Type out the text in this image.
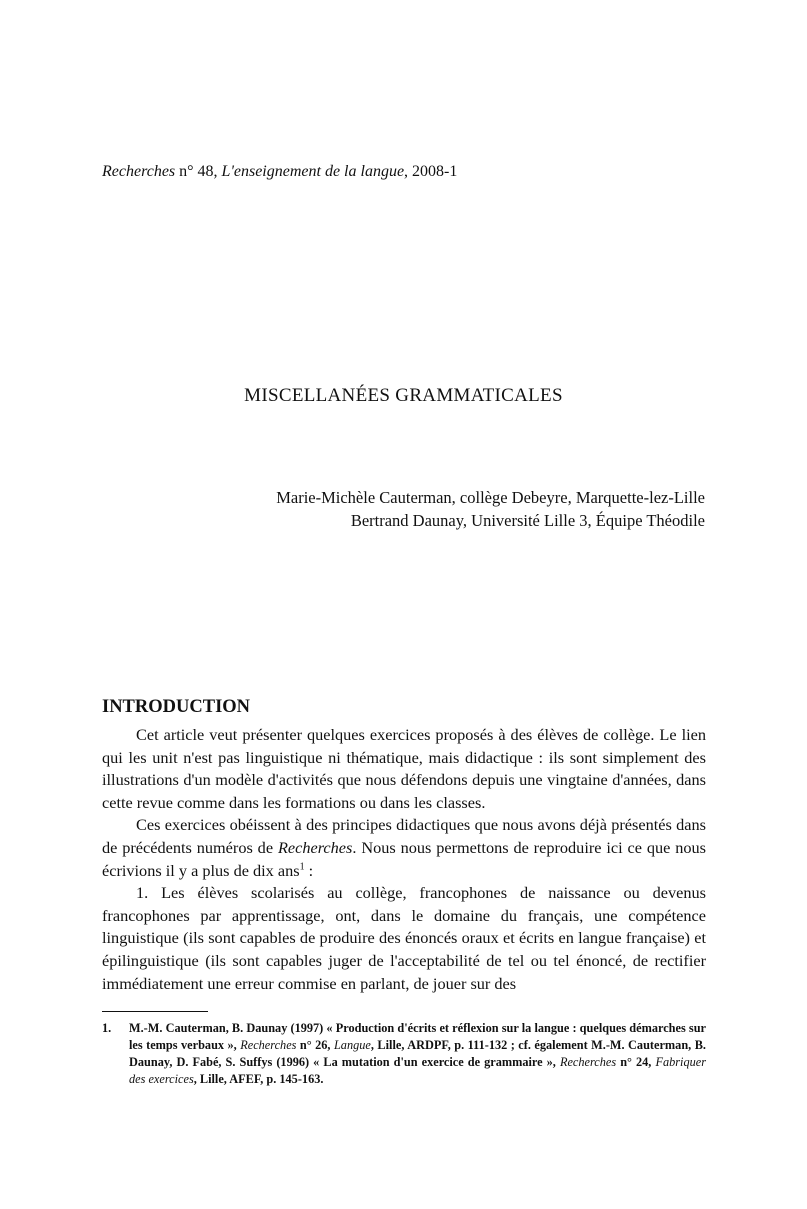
Recherches n° 48, L'enseignement de la langue, 2008-1
MISCELLANÉES GRAMMATICALES
Marie-Michèle Cauterman, collège Debeyre, Marquette-lez-Lille
Bertrand Daunay, Université Lille 3, Équipe Théodile
INTRODUCTION

Cet article veut présenter quelques exercices proposés à des élèves de collège. Le lien qui les unit n'est pas linguistique ni thématique, mais didactique : ils sont simplement des illustrations d'un modèle d'activités que nous défendons depuis une vingtaine d'années, dans cette revue comme dans les formations ou dans les classes.

Ces exercices obéissent à des principes didactiques que nous avons déjà présentés dans de précédents numéros de Recherches. Nous nous permettons de reproduire ici ce que nous écrivions il y a plus de dix ans$^1$ :

1. Les élèves scolarisés au collège, francophones de naissance ou devenus francophones par apprentissage, ont, dans le domaine du français, une compétence linguistique (ils sont capables de produire des énoncés oraux et écrits en langue française) et épilinguistique (ils sont capables juger de l'acceptabilité de tel ou tel énoncé, de rectifier immédiatement une erreur commise en parlant, de jouer sur des

1. M.-M. Cauterman, B. Daunay (1997) « Production d'écrits et réflexion sur la langue : quelques démarches sur les temps verbaux », Recherches n° 26, Langue, Lille, ARDPF, p. 111-132 ; cf. également M.-M. Cauterman, B. Daunay, D. Fabé, S. Suffys (1996) « La mutation d'un exercice de grammaire », Recherches n° 24, Fabriquer des exercices, Lille, AFEF, p. 145-163.
